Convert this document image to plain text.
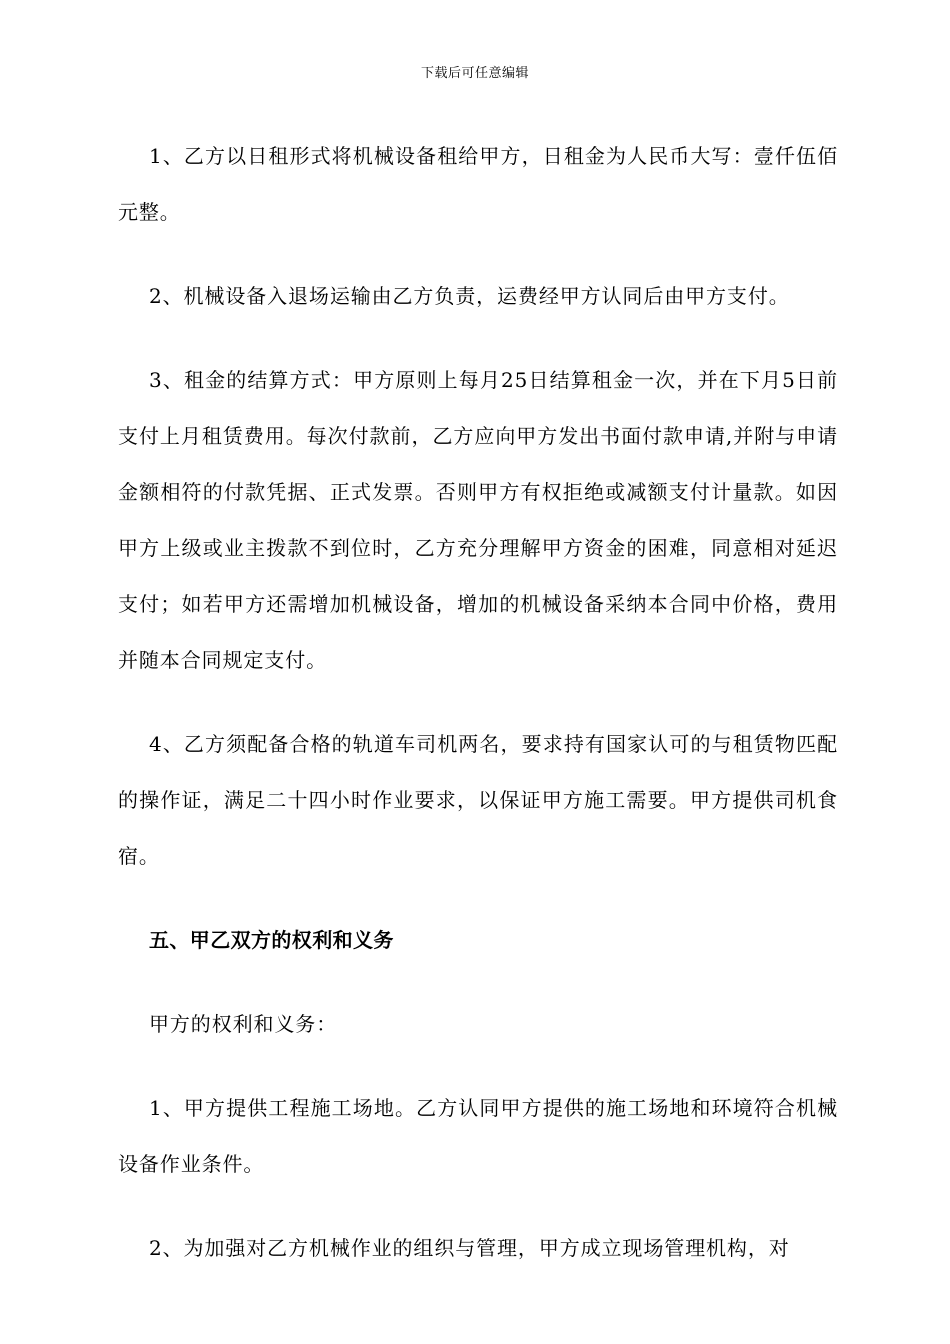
下载后可任意编辑

1、乙方以日租形式将机械设备租给甲方，日租金为人民币大写：壹仟伍佰元整。

2、机械设备入退场运输由乙方负责，运费经甲方认同后由甲方支付。

3、租金的结算方式：甲方原则上每月25日结算租金一次，并在下月5日前支付上月租赁费用。每次付款前，乙方应向甲方发出书面付款申请,并附与申请金额相符的付款凭据、正式发票。否则甲方有权拒绝或减额支付计量款。如因甲方上级或业主拨款不到位时，乙方充分理解甲方资金的困难，同意相对延迟支付；如若甲方还需增加机械设备，增加的机械设备采纳本合同中价格，费用并随本合同规定支付。

4、乙方须配备合格的轨道车司机两名，要求持有国家认可的与租赁物匹配的操作证，满足二十四小时作业要求，以保证甲方施工需要。甲方提供司机食宿。

五、甲乙双方的权利和义务

甲方的权利和义务：

1、甲方提供工程施工场地。乙方认同甲方提供的施工场地和环境符合机械设备作业条件。

2、为加强对乙方机械作业的组织与管理，甲方成立现场管理机构，对
